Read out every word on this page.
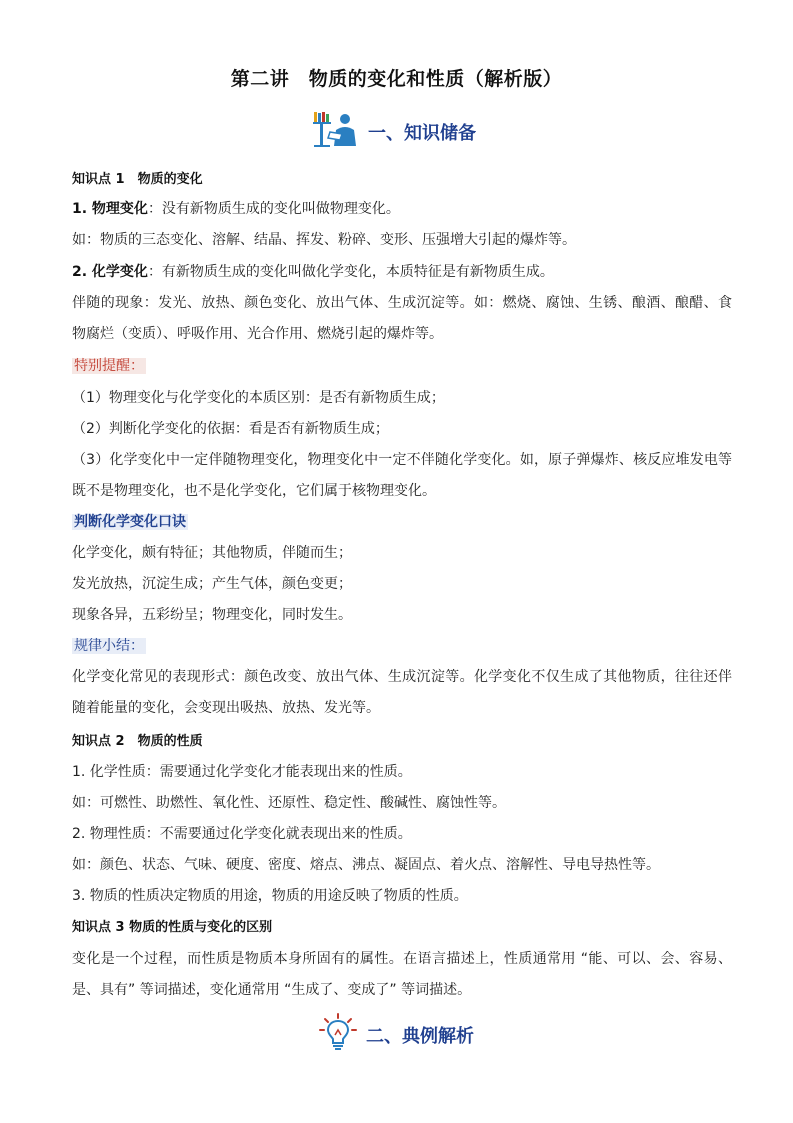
第二讲　物质的变化和性质（解析版）
一、知识储备
知识点 1　物质的变化
1. 物理变化：没有新物质生成的变化叫做物理变化。
如：物质的三态变化、溶解、结晶、挥发、粉碎、变形、压强增大引起的爆炸等。
2. 化学变化：有新物质生成的变化叫做化学变化，本质特征是有新物质生成。
伴随的现象：发光、放热、颜色变化、放出气体、生成沉淀等。如：燃烧、腐蚀、生锈、酿酒、酿醋、食
物腐烂（变质）、呼吸作用、光合作用、燃烧引起的爆炸等。
特别提醒：
（1）物理变化与化学变化的本质区别：是否有新物质生成；
（2）判断化学变化的依据：看是否有新物质生成；
（3）化学变化中一定伴随物理变化，物理变化中一定不伴随化学变化。如，原子弹爆炸、核反应堆发电等
既不是物理变化，也不是化学变化，它们属于核物理变化。
判断化学变化口诀
化学变化，颇有特征；其他物质，伴随而生；
发光放热，沉淀生成；产生气体，颜色变更；
现象各异，五彩纷呈；物理变化，同时发生。
规律小结：
化学变化常见的表现形式：颜色改变、放出气体、生成沉淀等。化学变化不仅生成了其他物质，往往还伴
随着能量的变化，会变现出吸热、放热、发光等。
知识点 2　物质的性质
1. 化学性质：需要通过化学变化才能表现出来的性质。
如：可燃性、助燃性、氧化性、还原性、稳定性、酸碱性、腐蚀性等。
2. 物理性质：不需要通过化学变化就表现出来的性质。
如：颜色、状态、气味、硬度、密度、熔点、沸点、凝固点、着火点、溶解性、导电导热性等。
3. 物质的性质决定物质的用途，物质的用途反映了物质的性质。
知识点 3 物质的性质与变化的区别
变化是一个过程，而性质是物质本身所固有的属性。在语言描述上，性质通常用 “能、可以、会、容易、
是、具有” 等词描述，变化通常用 “生成了、变成了” 等词描述。
二、典例解析
